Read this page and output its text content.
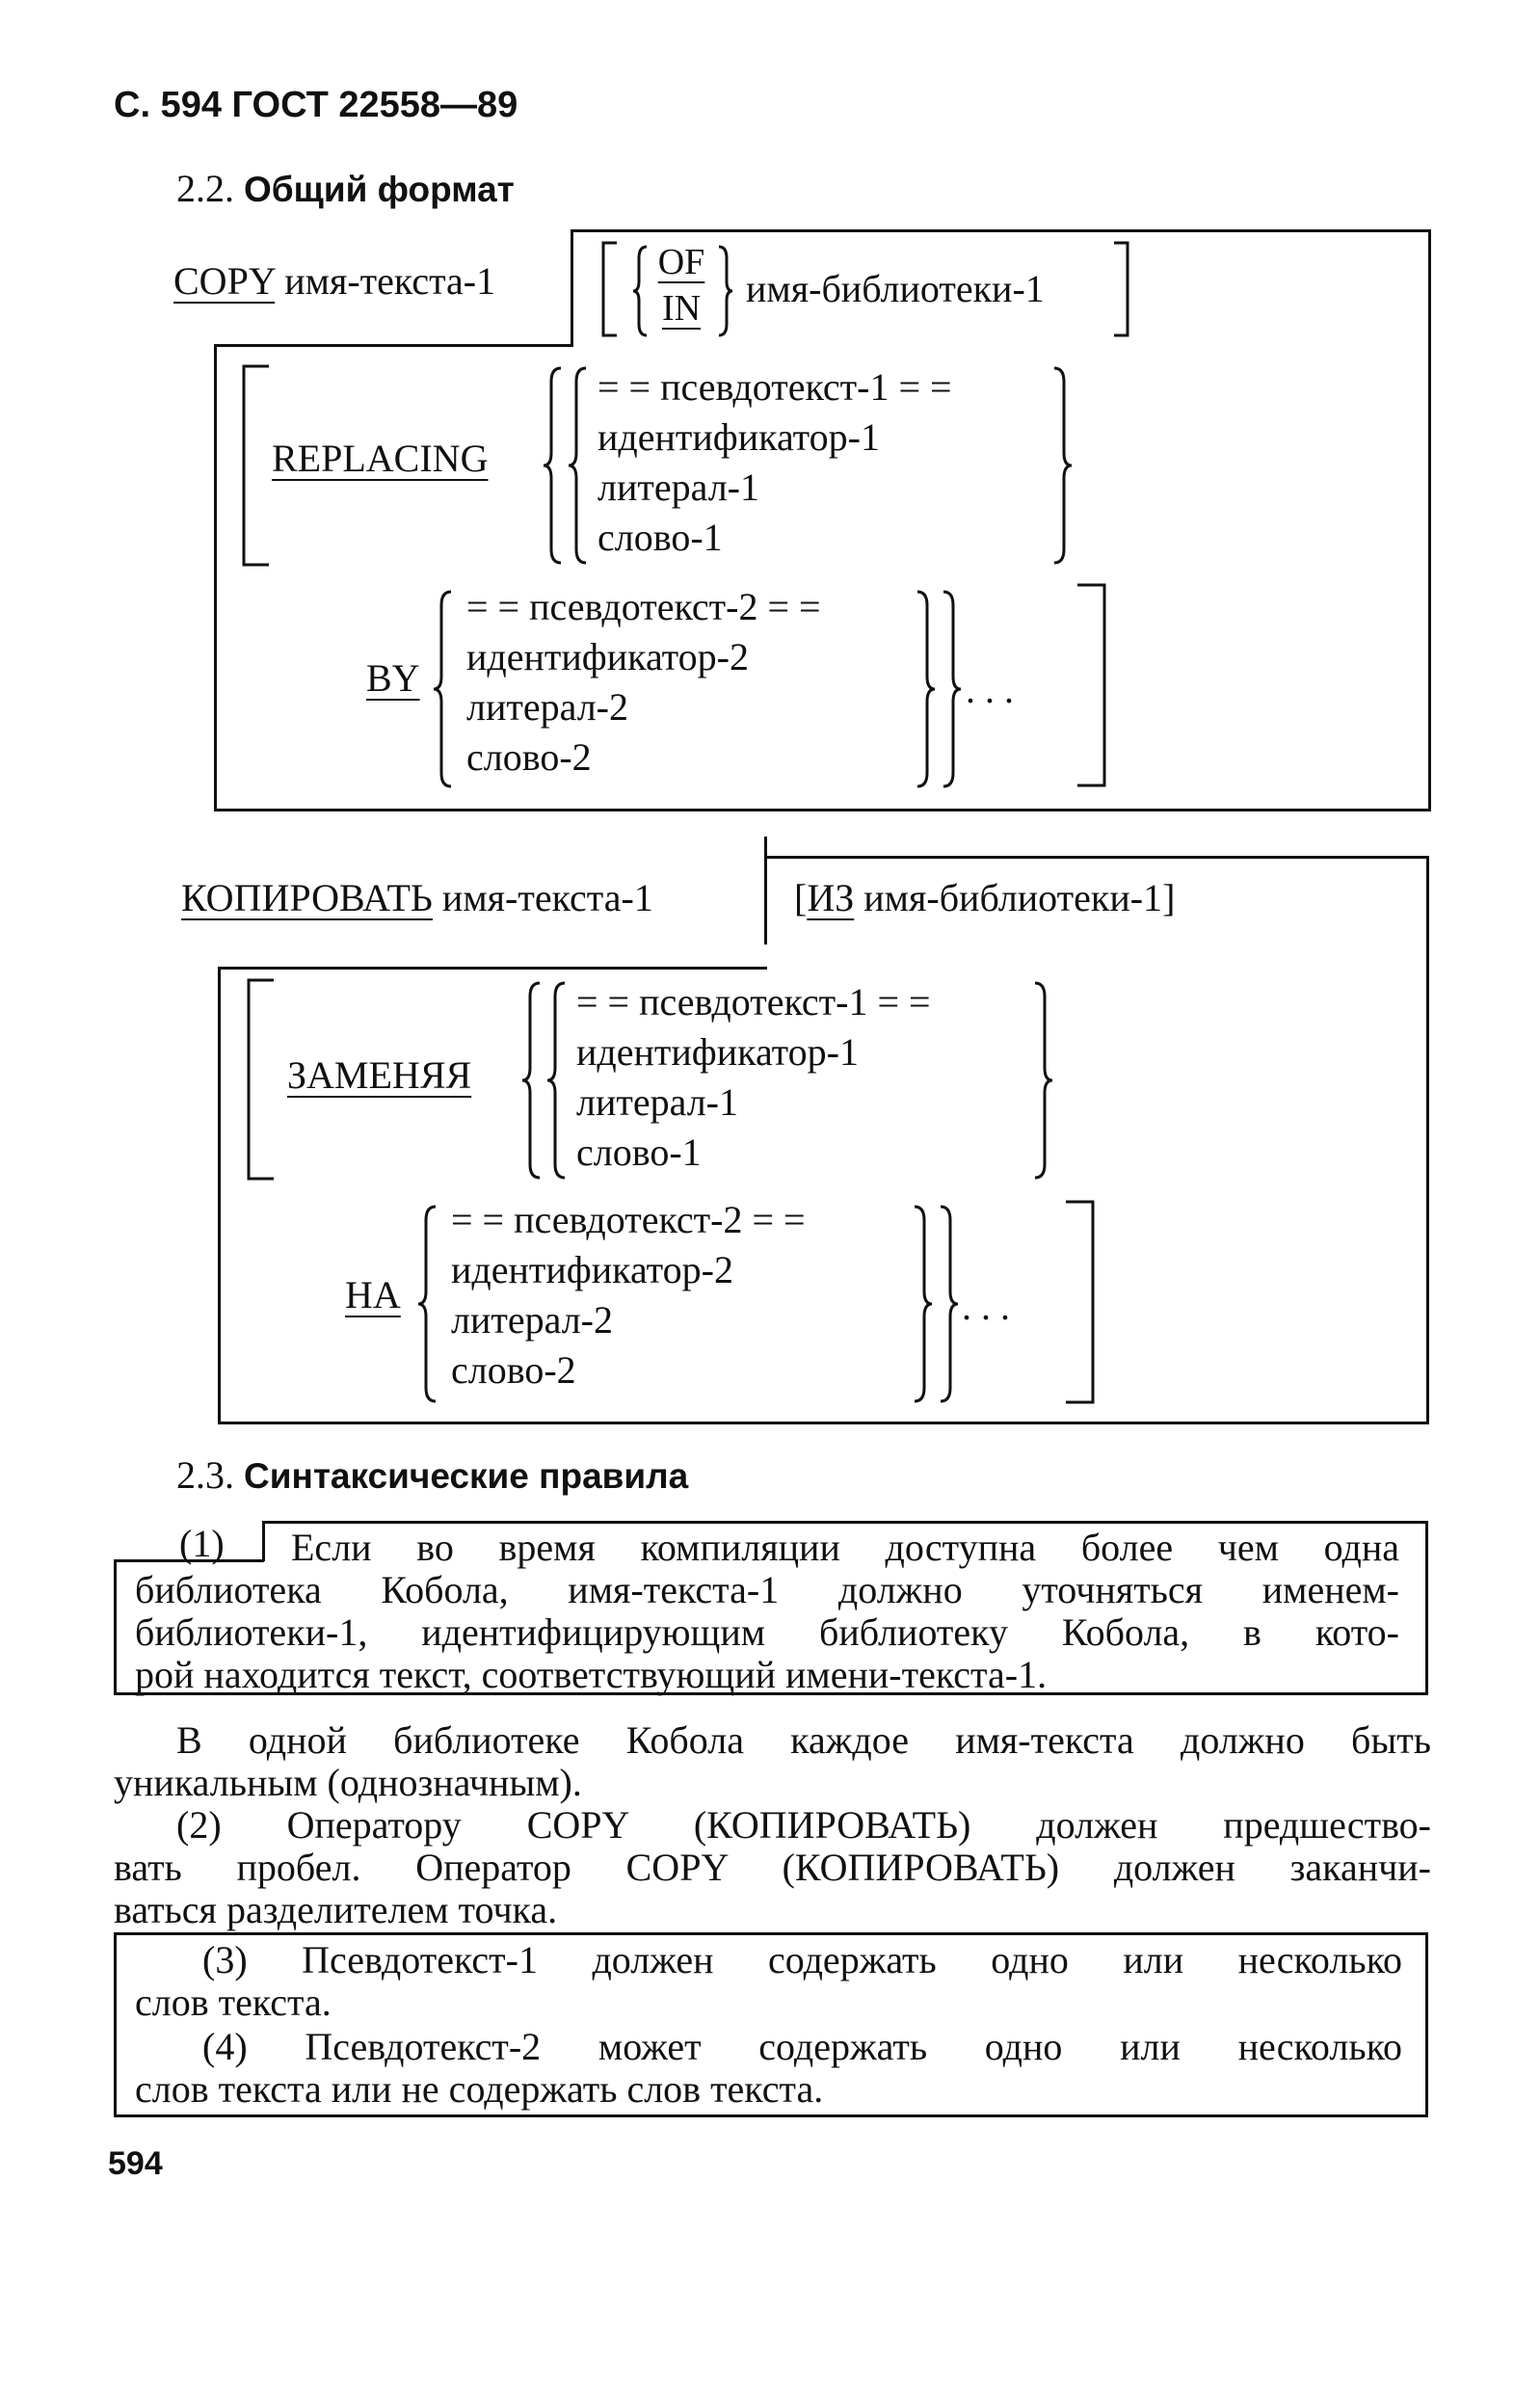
С. 594 ГОСТ 22558—89
2.2. Общий формат
COPY имя-текста-1	OF
IN	имя-библиотеки-1
REPLACING
= = псевдотекст-1 = =
идентификатор-1
литерал-1
слово-1
BY
= = псевдотекст-2 = =
идентификатор-2
литерал-2
слово-2
. . .
КОПИРОВАТЬ имя-текста-1	[ИЗ имя-библиотеки-1]
ЗАМЕНЯЯ
= = псевдотекст-1 = =
идентификатор-1
литерал-1
слово-1
НА
= = псевдотекст-2 = =
идентификатор-2
литерал-2
слово-2
. . .
2.3. Синтаксические правила
(1) Если во время компиляции доступна более чем одна
библиотека Кобола, имя-текста-1 должно уточняться именем-
библиотеки-1, идентифицирующим библиотеку Кобола, в кото-
рой находится текст, соответствующий имени-текста-1.
В одной библиотеке Кобола каждое имя-текста должно быть
уникальным (однозначным).
(2) Оператору COPY (КОПИРОВАТЬ) должен предшество-
вать пробел. Оператор COPY (КОПИРОВАТЬ) должен заканчи-
ваться разделителем точка.
(3) Псевдотекст-1 должен содержать одно или несколько
слов текста.
(4) Псевдотекст-2 может содержать одно или несколько
слов текста или не содержать слов текста.
594
